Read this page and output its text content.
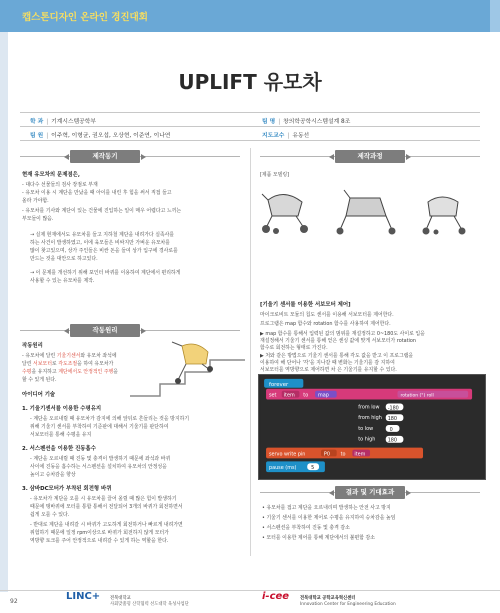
캡스톤디자인 온라인 경진대회
UPLIFT 유모차
학 과 | 기계시스템공학부	팀 명 | 창의학공학시스템설계 8조
팀 원 | 이주혁, 이형균, 권오섭, 오상현, 이준연, 이나연	지도교수 | 유동선
제작동기
현재 유모차의 문제점은,
- 대다수 선물들의 검사 장점로 부재
- 유모차 이용 시 계단을 만났을 때 아이를 내린 후 힘을 써서 직접 들고
올라 가야함.
- 유모차를 기사와 계단이 있는 건물에 진입하는 일이 매우 어렵다고 느끼는
부모들이 많음.
→ 실제 현재에서도 유모차를 들고 지하철 계단을 내려가다 실족사를
하는 사건이 발생하였고, 이에 육모들은 비싸지만 가벼운 유모차를
많이 찾고있으며, 상가 주인들은 비싼 돈을 들여 상가 입구에 경사로를
만드는 것을 대안으로 하고있다.
→ 이 문제를 개선하기 위해 포인터 바퀴를 이용하여 계단에서 편리하게
사용할 수 있는 유모차를 제작.
작동원리
작동원리
- 유모차에 달린 기울기센서와 유모차 좌석에
달린 서보모터로 각도조절을 하여 유모차가
수평을 유지하고 계단에서도 안정적인 주행을
할 수 있게 된다.
아이디어 기술
1. 기울기센서를 이용한 수평유지
- 계단을 오르내릴 때 유모차가 감지에 의해 앞뒤로 흔들리는 것을 방지하기
위해 기울기 센서를 부착하여 기준판에 대해서 기울기를 판단하여
서보모터를 통해 수평을 유지
2. 서스펜션을 이용한 진동흡수
- 계단을 오르내릴 때 진동 및 충격이 발생하기 때문에 좌석과 바퀴
사이에 진동을 흡수하는 서스펜션을 설치하여 유모차의 안정성을
높이고 승차감을 향상
3. 삼바DC모터가 부착된 회전형 바퀴
- 유모차가 계단을 오를 시 유모차를 끌어 올릴 때 많은 힘이 발생하기
때문에 탱바퀴에 모터를 통합 통해서 전달되어 3개의 바퀴가 회전하면서
쉽게 오를 수 있다.
- 반대로 계단을 내려갈 시 바퀴가 고도하게 회전하거나 빠르게 내려가면
위험하기 때문에 일정 rpm이상으로 바퀴가 회전하지 않게 모터가
역방향 토크를 주어 안정적으로 내려갈 수 있게 하는 역할을 한다.
제작과정
[제품 모델링]
[기울기 센서를 이용한 서보모터 제어]
마이크로비트 모듈의 칩도 센서를 이용해 서보모터를 제어한다.
프로그램은 map 함수와 rotation 함수를 사용하여 제어한다.
▶ map 함수를 통해서 입력된 값의 범위를 재설정하고 0~180도 사이로 입을
재설정해서 기울기 센서를 통해 얻은 센싱 값에 맞게 서보모터가 rotation
함수로 회전하는 형태로 가진다.
▶ 처와 같은 방법으로 기울기 센서를 통해 각도 값을 받고 이 프로그램을
이용하여 해 단어나 '각'을 지나갈 때 변화는 기울기를 감 지하여
서보모터를 역방향으로 제어하면 차 은 기울기를 유지할 수 있다.
forever
set item to map	rotation (°) roll
from low -180
from high 180
to low	0
to high 180
servo write pin	P0 to item
pause (ms)	5
결과 및 기대효과
• 유모차를 접고 계단을 오르내리며 발생하는 안전 사고 방지
• 기울기 센서를 이용한 제어로 수평을 유지하여 승차감을 높임
• 서스펜션을 부착하여 진동 및 충격 감소
• 모터를 이용한 제어를 통해 계단에서의 불편함 감소
92	LINC+ 전북대학교
사회맞춤형 산학협력 선도대학 육성사업단
i-cee	전북대학교 공학교육혁신센터
Innovation Center for Engineering Education
